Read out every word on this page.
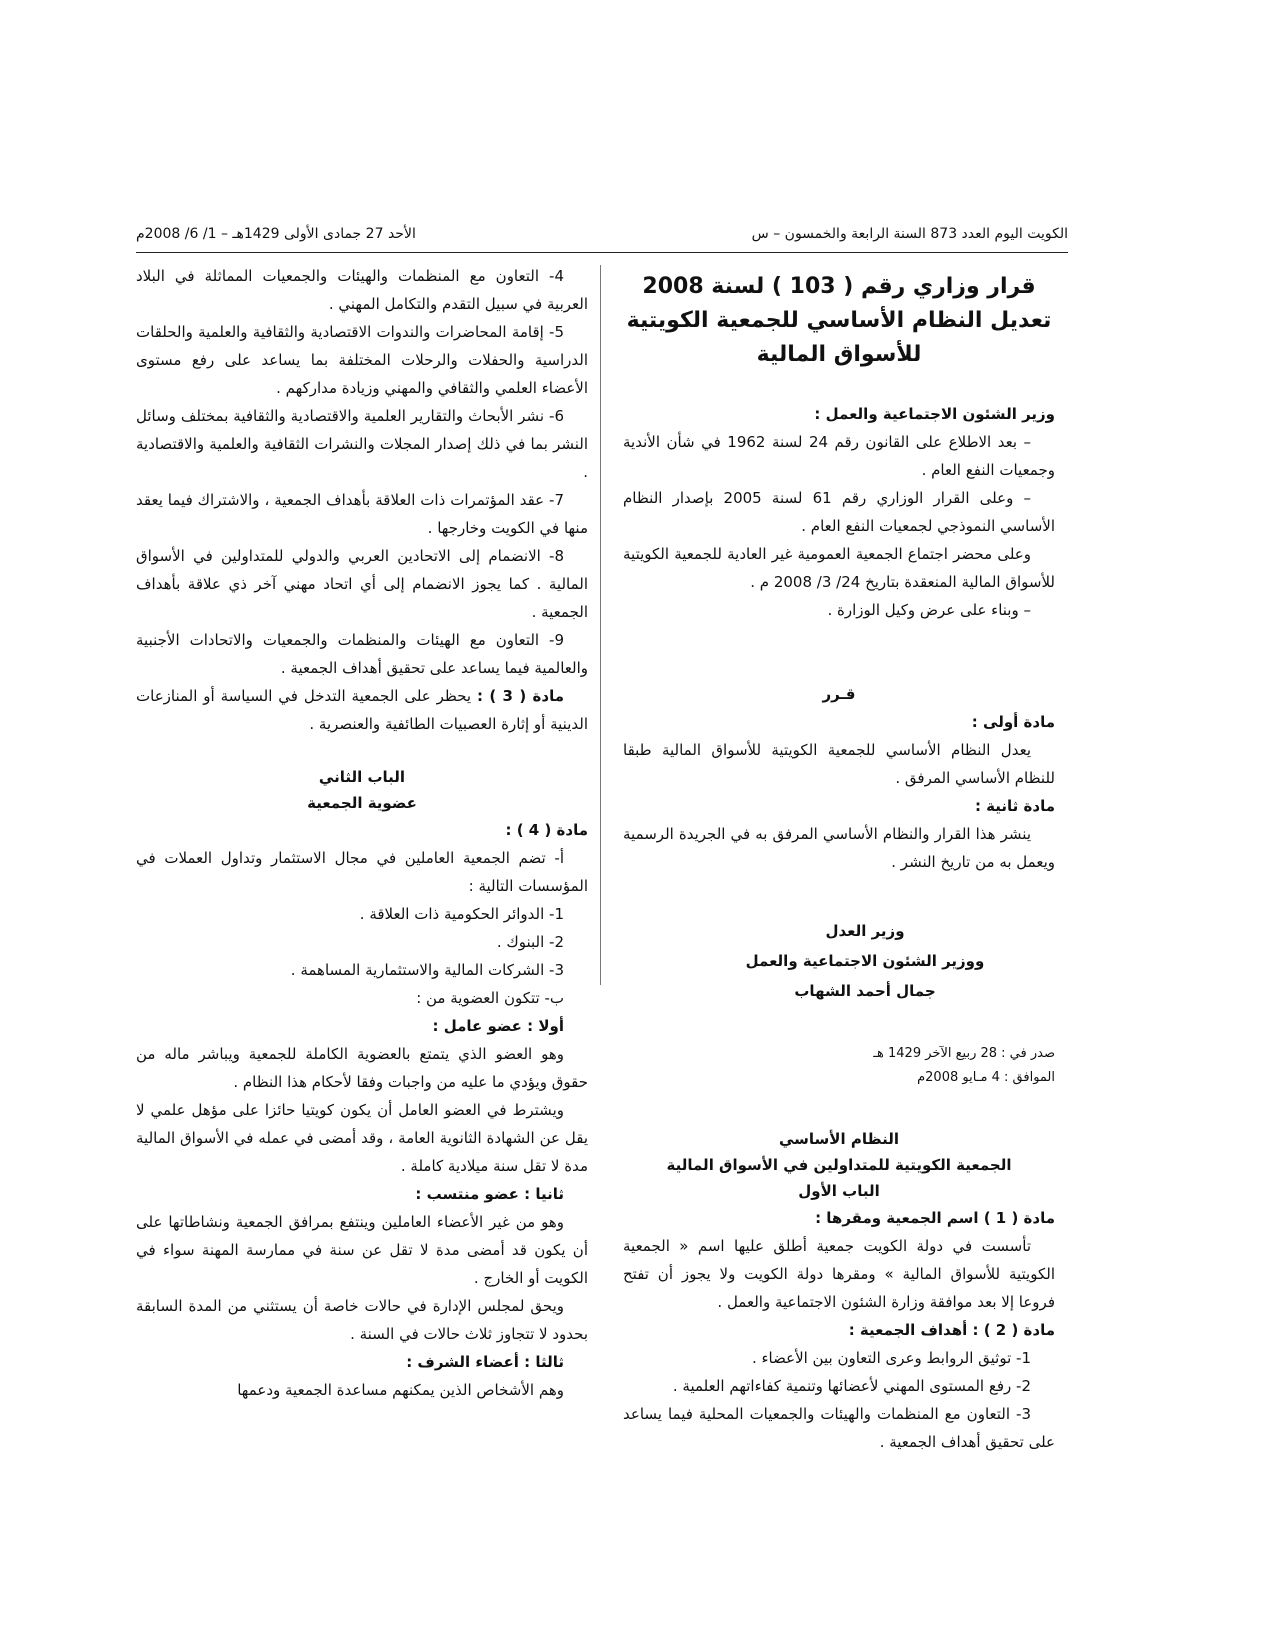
الكويت اليوم العدد 873 السنة الرابعة والخمسون – س
الأحد 27 جمادى الأولى 1429هـ – 1/ 6/ 2008م
قرار وزاري رقم ( 103 ) لسنة 2008
تعديل النظام الأساسي للجمعية الكويتية
للأسواق المالية

وزير الشئون الاجتماعية والعمل :

– بعد الاطلاع على القانون رقم 24 لسنة 1962 في شأن الأندية وجمعيات النفع العام .

– وعلى القرار الوزاري رقم 61 لسنة 2005 بإصدار النظام الأساسي النموذجي لجمعيات النفع العام .

وعلى محضر اجتماع الجمعية العمومية غير العادية للجمعية الكويتية للأسواق المالية المنعقدة بتاريخ 24/ 3/ 2008 م .

– وبناء على عرض وكيل الوزارة .

قـرر

مادة أولى :

يعدل النظام الأساسي للجمعية الكويتية للأسواق المالية طبقا للنظام الأساسي المرفق .

مادة ثانية :

ينشر هذا القرار والنظام الأساسي المرفق به في الجريدة الرسمية ويعمل به من تاريخ النشر .

وزير العدل
ووزير الشئون الاجتماعية والعمل
جمال أحمد الشهاب
صدر في : 28 ربيع الآخر 1429 هـ
الموافق : 4 مـايو 2008م
النظام الأساسي
الجمعية الكويتية للمتداولين في الأسواق المالية
الباب الأول

مادة ( 1 ) اسم الجمعية ومقرها :

تأسست في دولة الكويت جمعية أطلق عليها اسم « الجمعية الكويتية للأسواق المالية » ومقرها دولة الكويت ولا يجوز أن تفتح فروعا إلا بعد موافقة وزارة الشئون الاجتماعية والعمل .

مادة ( 2 ) : أهداف الجمعية :

1- توثيق الروابط وعرى التعاون بين الأعضاء .

2- رفع المستوى المهني لأعضائها وتنمية كفاءاتهم العلمية .

3- التعاون مع المنظمات والهيئات والجمعيات المحلية فيما يساعد على تحقيق أهداف الجمعية .

4- التعاون مع المنظمات والهيئات والجمعيات المماثلة في البلاد العربية في سبيل التقدم والتكامل المهني .

5- إقامة المحاضرات والندوات الاقتصادية والثقافية والعلمية والحلقات الدراسية والحفلات والرحلات المختلفة بما يساعد على رفع مستوى الأعضاء العلمي والثقافي والمهني وزيادة مداركهم .

6- نشر الأبحاث والتقارير العلمية والاقتصادية والثقافية بمختلف وسائل النشر بما في ذلك إصدار المجلات والنشرات الثقافية والعلمية والاقتصادية .

7- عقد المؤتمرات ذات العلاقة بأهداف الجمعية ، والاشتراك فيما يعقد منها في الكويت وخارجها .

8- الانضمام إلى الاتحادين العربي والدولي للمتداولين في الأسواق المالية . كما يجوز الانضمام إلى أي اتحاد مهني آخر ذي علاقة بأهداف الجمعية .

9- التعاون مع الهيئات والمنظمات والجمعيات والاتحادات الأجنبية والعالمية فيما يساعد على تحقيق أهداف الجمعية .

مادة ( 3 ) : يحظر على الجمعية التدخل في السياسة أو المنازعات الدينية أو إثارة العصبيات الطائفية والعنصرية .

الباب الثاني
عضوية الجمعية

مادة ( 4 ) :

أ- تضم الجمعية العاملين في مجال الاستثمار وتداول العملات في المؤسسات التالية :

1- الدوائر الحكومية ذات العلاقة .

2- البنوك .

3- الشركات المالية والاستثمارية المساهمة .

ب- تتكون العضوية من :

أولا : عضو عامل :

وهو العضو الذي يتمتع بالعضوية الكاملة للجمعية ويباشر ماله من حقوق ويؤدي ما عليه من واجبات وفقا لأحكام هذا النظام .

ويشترط في العضو العامل أن يكون كويتيا حائزا على مؤهل علمي لا يقل عن الشهادة الثانوية العامة ، وقد أمضى في عمله في الأسواق المالية مدة لا تقل سنة ميلادية كاملة .

ثانيا : عضو منتسب :

وهو من غير الأعضاء العاملين وينتفع بمرافق الجمعية ونشاطاتها على أن يكون قد أمضى مدة لا تقل عن سنة في ممارسة المهنة سواء في الكويت أو الخارج .

ويحق لمجلس الإدارة في حالات خاصة أن يستثني من المدة السابقة بحدود لا تتجاوز ثلاث حالات في السنة .

ثالثا : أعضاء الشرف :

وهم الأشخاص الذين يمكنهم مساعدة الجمعية ودعمها
